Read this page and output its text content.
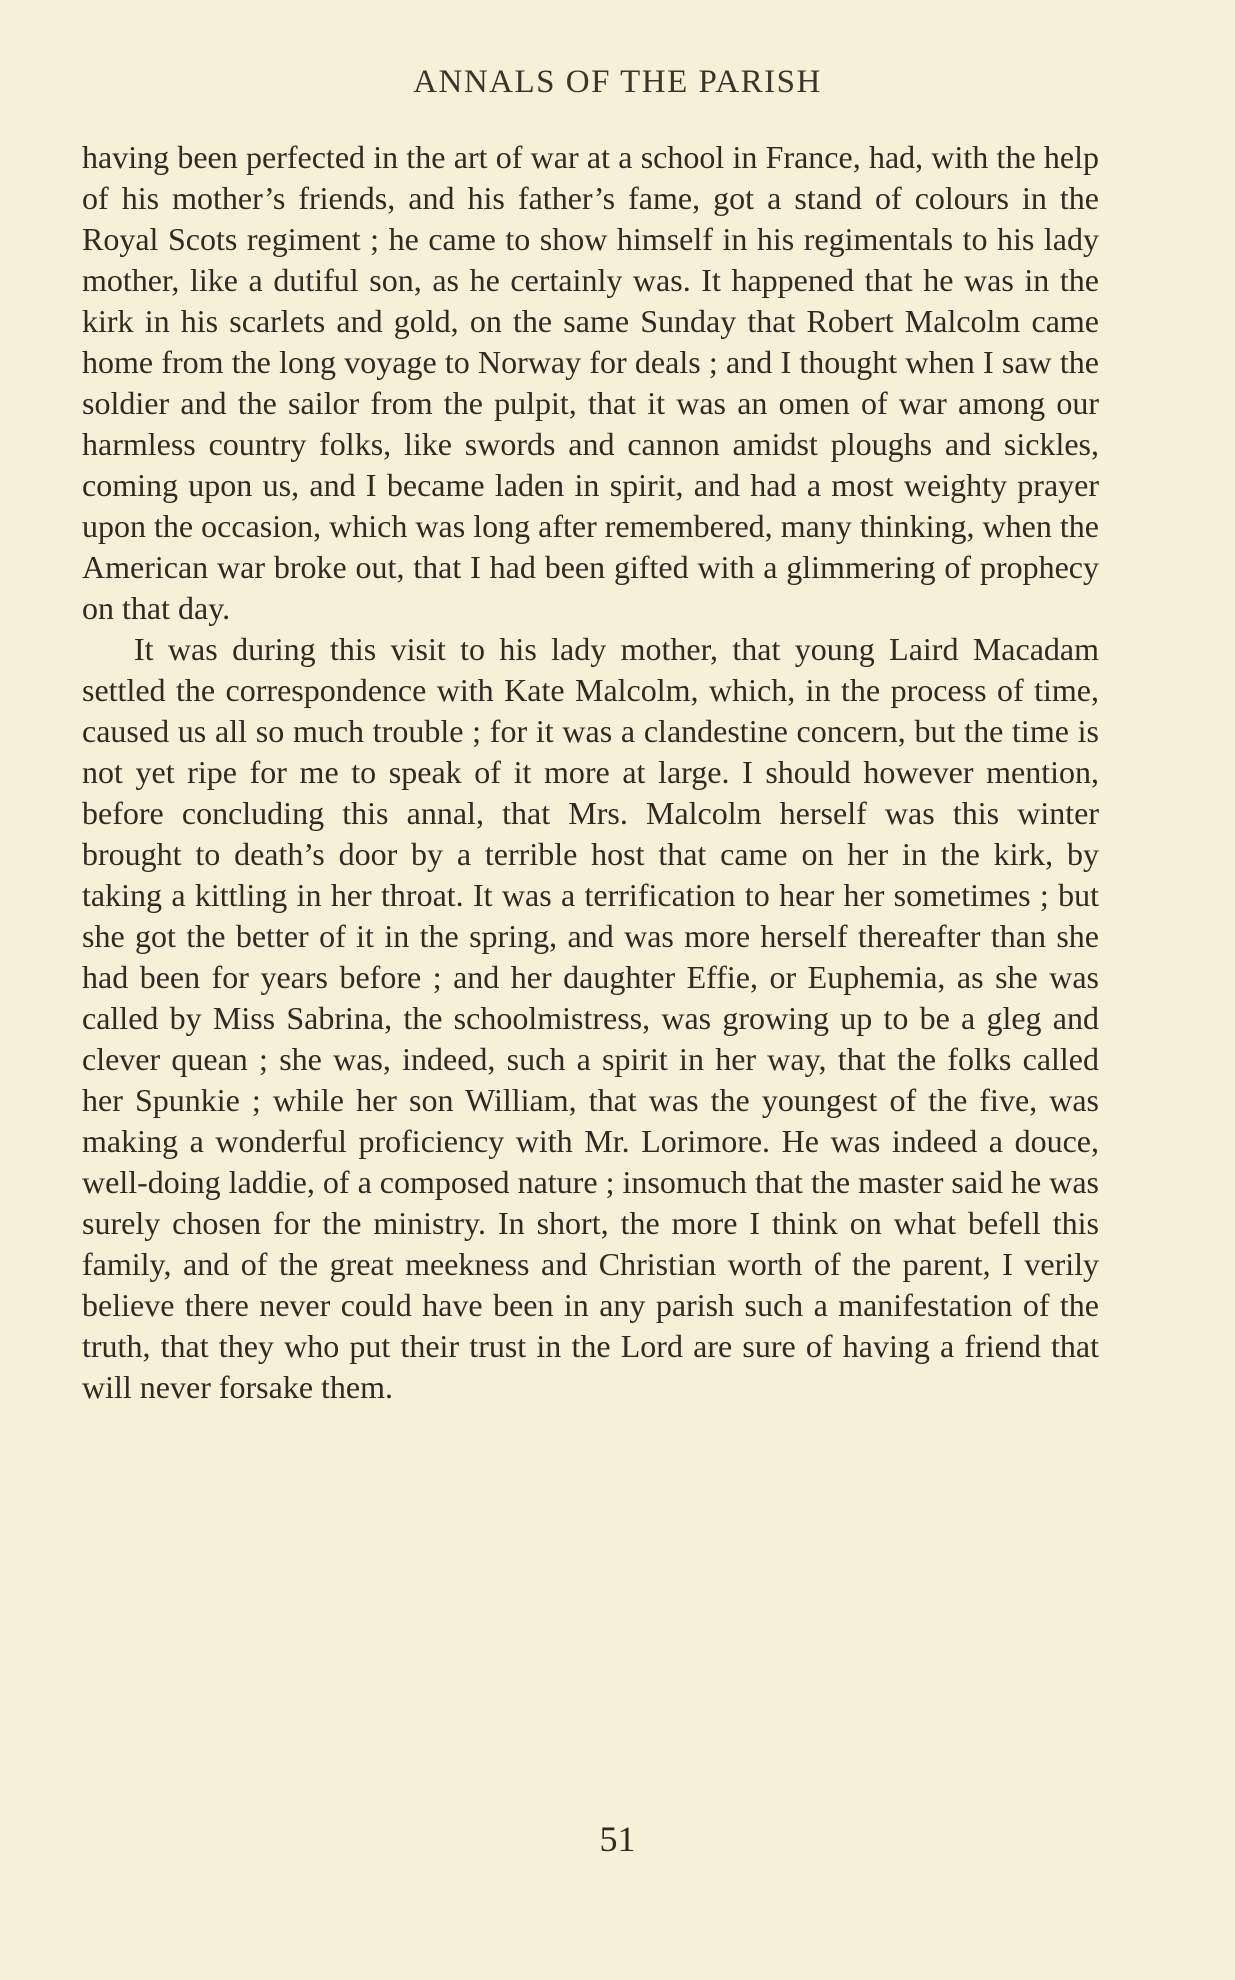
ANNALS OF THE PARISH

having been perfected in the art of war at a school in France, had, with the help of his mother’s friends, and his father’s fame, got a stand of colours in the Royal Scots regiment ; he came to show himself in his regimentals to his lady mother, like a dutiful son, as he certainly was. It happened that he was in the kirk in his scarlets and gold, on the same Sunday that Robert Malcolm came home from the long voyage to Norway for deals ; and I thought when I saw the soldier and the sailor from the pulpit, that it was an omen of war among our harmless country folks, like swords and cannon amidst ploughs and sickles, coming upon us, and I became laden in spirit, and had a most weighty prayer upon the occasion, which was long after remembered, many thinking, when the American war broke out, that I had been gifted with a glimmering of prophecy on that day.

It was during this visit to his lady mother, that young Laird Macadam settled the correspondence with Kate Malcolm, which, in the process of time, caused us all so much trouble ; for it was a clandestine concern, but the time is not yet ripe for me to speak of it more at large. I should however mention, before concluding this annal, that Mrs. Malcolm herself was this winter brought to death’s door by a terrible host that came on her in the kirk, by taking a kittling in her throat. It was a terrification to hear her sometimes ; but she got the better of it in the spring, and was more herself thereafter than she had been for years before ; and her daughter Effie, or Euphemia, as she was called by Miss Sabrina, the schoolmistress, was growing up to be a gleg and clever quean ; she was, indeed, such a spirit in her way, that the folks called her Spunkie ; while her son William, that was the youngest of the five, was making a wonderful proficiency with Mr. Lorimore. He was indeed a douce, well-doing laddie, of a composed nature ; insomuch that the master said he was surely chosen for the ministry. In short, the more I think on what befell this family, and of the great meekness and Christian worth of the parent, I verily believe there never could have been in any parish such a manifestation of the truth, that they who put their trust in the Lord are sure of having a friend that will never forsake them.

51
